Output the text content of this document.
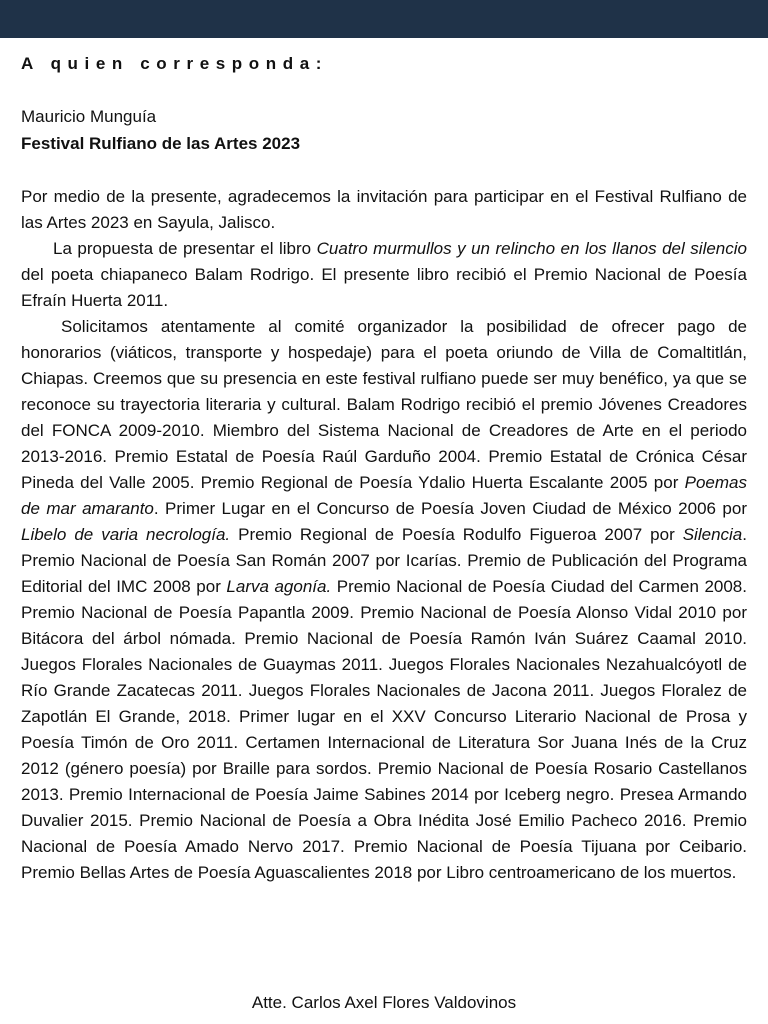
A quien corresponda:

Mauricio Munguía

Festival Rulfiano de las Artes 2023

Por medio de la presente, agradecemos la invitación para participar en el Festival Rulfiano de las Artes 2023 en Sayula, Jalisco.

La propuesta de presentar el libro Cuatro murmullos y un relincho en los llanos del silencio del poeta chiapaneco Balam Rodrigo. El presente libro recibió el Premio Nacional de Poesía Efraín Huerta 2011.

Solicitamos atentamente al comité organizador la posibilidad de ofrecer pago de honorarios (viáticos, transporte y hospedaje) para el poeta oriundo de Villa de Comaltitlán, Chiapas. Creemos que su presencia en este festival rulfiano puede ser muy benéfico, ya que se reconoce su trayectoria literaria y cultural. Balam Rodrigo recibió el premio Jóvenes Creadores del FONCA 2009-2010. Miembro del Sistema Nacional de Creadores de Arte en el periodo 2013-2016. Premio Estatal de Poesía Raúl Garduño 2004. Premio Estatal de Crónica César Pineda del Valle 2005. Premio Regional de Poesía Ydalio Huerta Escalante 2005 por Poemas de mar amaranto. Primer Lugar en el Concurso de Poesía Joven Ciudad de México 2006 por Libelo de varia necrología. Premio Regional de Poesía Rodulfo Figueroa 2007 por Silencia. Premio Nacional de Poesía San Román 2007 por Icarías. Premio de Publicación del Programa Editorial del IMC 2008 por Larva agonía. Premio Nacional de Poesía Ciudad del Carmen 2008. Premio Nacional de Poesía Papantla 2009. Premio Nacional de Poesía Alonso Vidal 2010 por Bitácora del árbol nómada. Premio Nacional de Poesía Ramón Iván Suárez Caamal 2010. Juegos Florales Nacionales de Guaymas 2011. Juegos Florales Nacionales Nezahualcóyotl de Río Grande Zacatecas 2011. Juegos Florales Nacionales de Jacona 2011. Juegos Floralez de Zapotlán El Grande, 2018. Primer lugar en el XXV Concurso Literario Nacional de Prosa y Poesía Timón de Oro 2011. Certamen Internacional de Literatura Sor Juana Inés de la Cruz 2012 (género poesía) por Braille para sordos. Premio Nacional de Poesía Rosario Castellanos 2013. Premio Internacional de Poesía Jaime Sabines 2014 por Iceberg negro. Presea Armando Duvalier 2015. Premio Nacional de Poesía a Obra Inédita José Emilio Pacheco 2016. Premio Nacional de Poesía Amado Nervo 2017. Premio Nacional de Poesía Tijuana por Ceibario. Premio Bellas Artes de Poesía Aguascalientes 2018 por Libro centroamericano de los muertos.

Atte. Carlos Axel Flores Valdovinos
